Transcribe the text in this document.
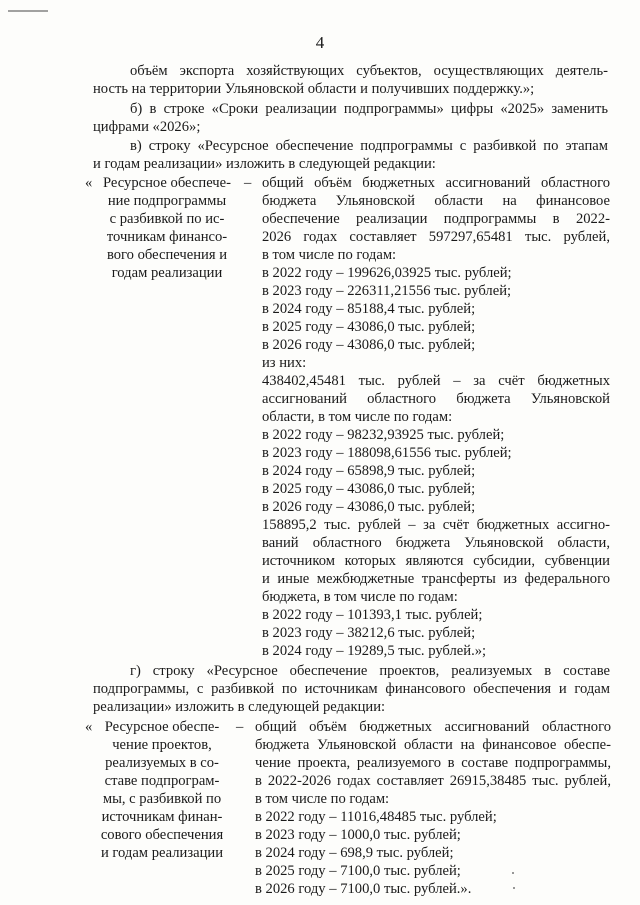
4
объём экспорта хозяйствующих субъектов, осуществляющих деятель-
ность на территории Ульяновской области и получивших поддержку.»;
б) в строке «Сроки реализации подпрограммы» цифры «2025» заменить
цифрами «2026»;
в) строку «Ресурсное обеспечение подпрограммы с разбивкой по этапам
и годам реализации» изложить в следующей редакции:
«	–
Ресурсное обеспече-
ние подпрограммы
с разбивкой по ис-
точникам финансо-
вого обеспечения и
годам реализации
общий объём бюджетных ассигнований областного
бюджета Ульяновской области на финансовое
обеспечение реализации подпрограммы в 2022-
2026 годах составляет 597297,65481 тыс. рублей,
в том числе по годам:
в 2022 году – 199626,03925 тыс. рублей;
в 2023 году – 226311,21556 тыс. рублей;
в 2024 году – 85188,4 тыс. рублей;
в 2025 году – 43086,0 тыс. рублей;
в 2026 году – 43086,0 тыс. рублей;
из них:
438402,45481 тыс. рублей – за счёт бюджетных
ассигнований областного бюджета Ульяновской
области, в том числе по годам:
в 2022 году – 98232,93925 тыс. рублей;
в 2023 году – 188098,61556 тыс. рублей;
в 2024 году – 65898,9 тыс. рублей;
в 2025 году – 43086,0 тыс. рублей;
в 2026 году – 43086,0 тыс. рублей;
158895,2 тыс. рублей – за счёт бюджетных ассигно-
ваний областного бюджета Ульяновской области,
источником которых являются субсидии, субвенции
и иные межбюджетные трансферты из федерального
бюджета, в том числе по годам:
в 2022 году – 101393,1 тыс. рублей;
в 2023 году – 38212,6 тыс. рублей;
в 2024 году – 19289,5 тыс. рублей.»;
г) строку «Ресурсное обеспечение проектов, реализуемых в составе
подпрограммы, с разбивкой по источникам финансового обеспечения и годам
реализации» изложить в следующей редакции:
«	–
Ресурсное обеспе-
чение проектов,
реализуемых в со-
ставе подпрограм-
мы, с разбивкой по
источникам финан-
сового обеспечения
и годам реализации
общий объём бюджетных ассигнований областного
бюджета Ульяновской области на финансовое обеспе-
чение проекта, реализуемого в составе подпрограммы,
в 2022-2026 годах составляет 26915,38485 тыс. рублей,
в том числе по годам:
в 2022 году – 11016,48485 тыс. рублей;
в 2023 году – 1000,0 тыс. рублей;
в 2024 году – 698,9 тыс. рублей;
в 2025 году – 7100,0 тыс. рублей;
в 2026 году – 7100,0 тыс. рублей.».
